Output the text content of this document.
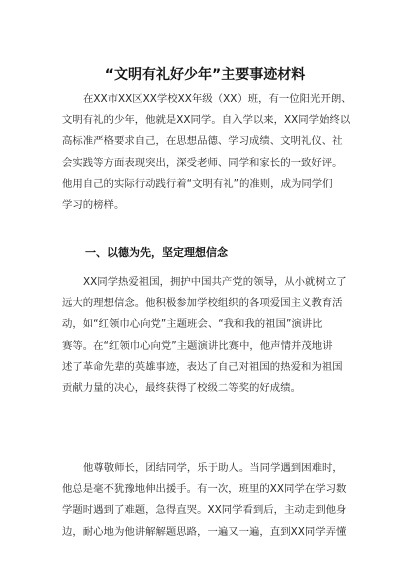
“文明有礼好少年”主要事迹材料
在XX市XX区XX学校XX年级（XX）班，有一位阳光开朗、
文明有礼的少年，他就是XX同学。自入学以来，XX同学始终以
高标准严格要求自己，在思想品德、学习成绩、文明礼仪、社
会实践等方面表现突出，深受老师、同学和家长的一致好评。
他用自己的实际行动践行着“文明有礼”的准则，成为同学们
学习的榜样。
一、以德为先，坚定理想信念
XX同学热爱祖国，拥护中国共产党的领导，从小就树立了
远大的理想信念。他积极参加学校组织的各项爱国主义教育活
动，如“红领巾心向党”主题班会、“我和我的祖国”演讲比
赛等。在“红领巾心向党”主题演讲比赛中，他声情并茂地讲
述了革命先辈的英雄事迹，表达了自己对祖国的热爱和为祖国
贡献力量的决心，最终获得了校级二等奖的好成绩。
他尊敬师长，团结同学，乐于助人。当同学遇到困难时，
他总是毫不犹豫地伸出援手。有一次，班里的XX同学在学习数
学题时遇到了难题，急得直哭。XX同学看到后，主动走到他身
边，耐心地为他讲解解题思路，一遍又一遍，直到XX同学弄懂
